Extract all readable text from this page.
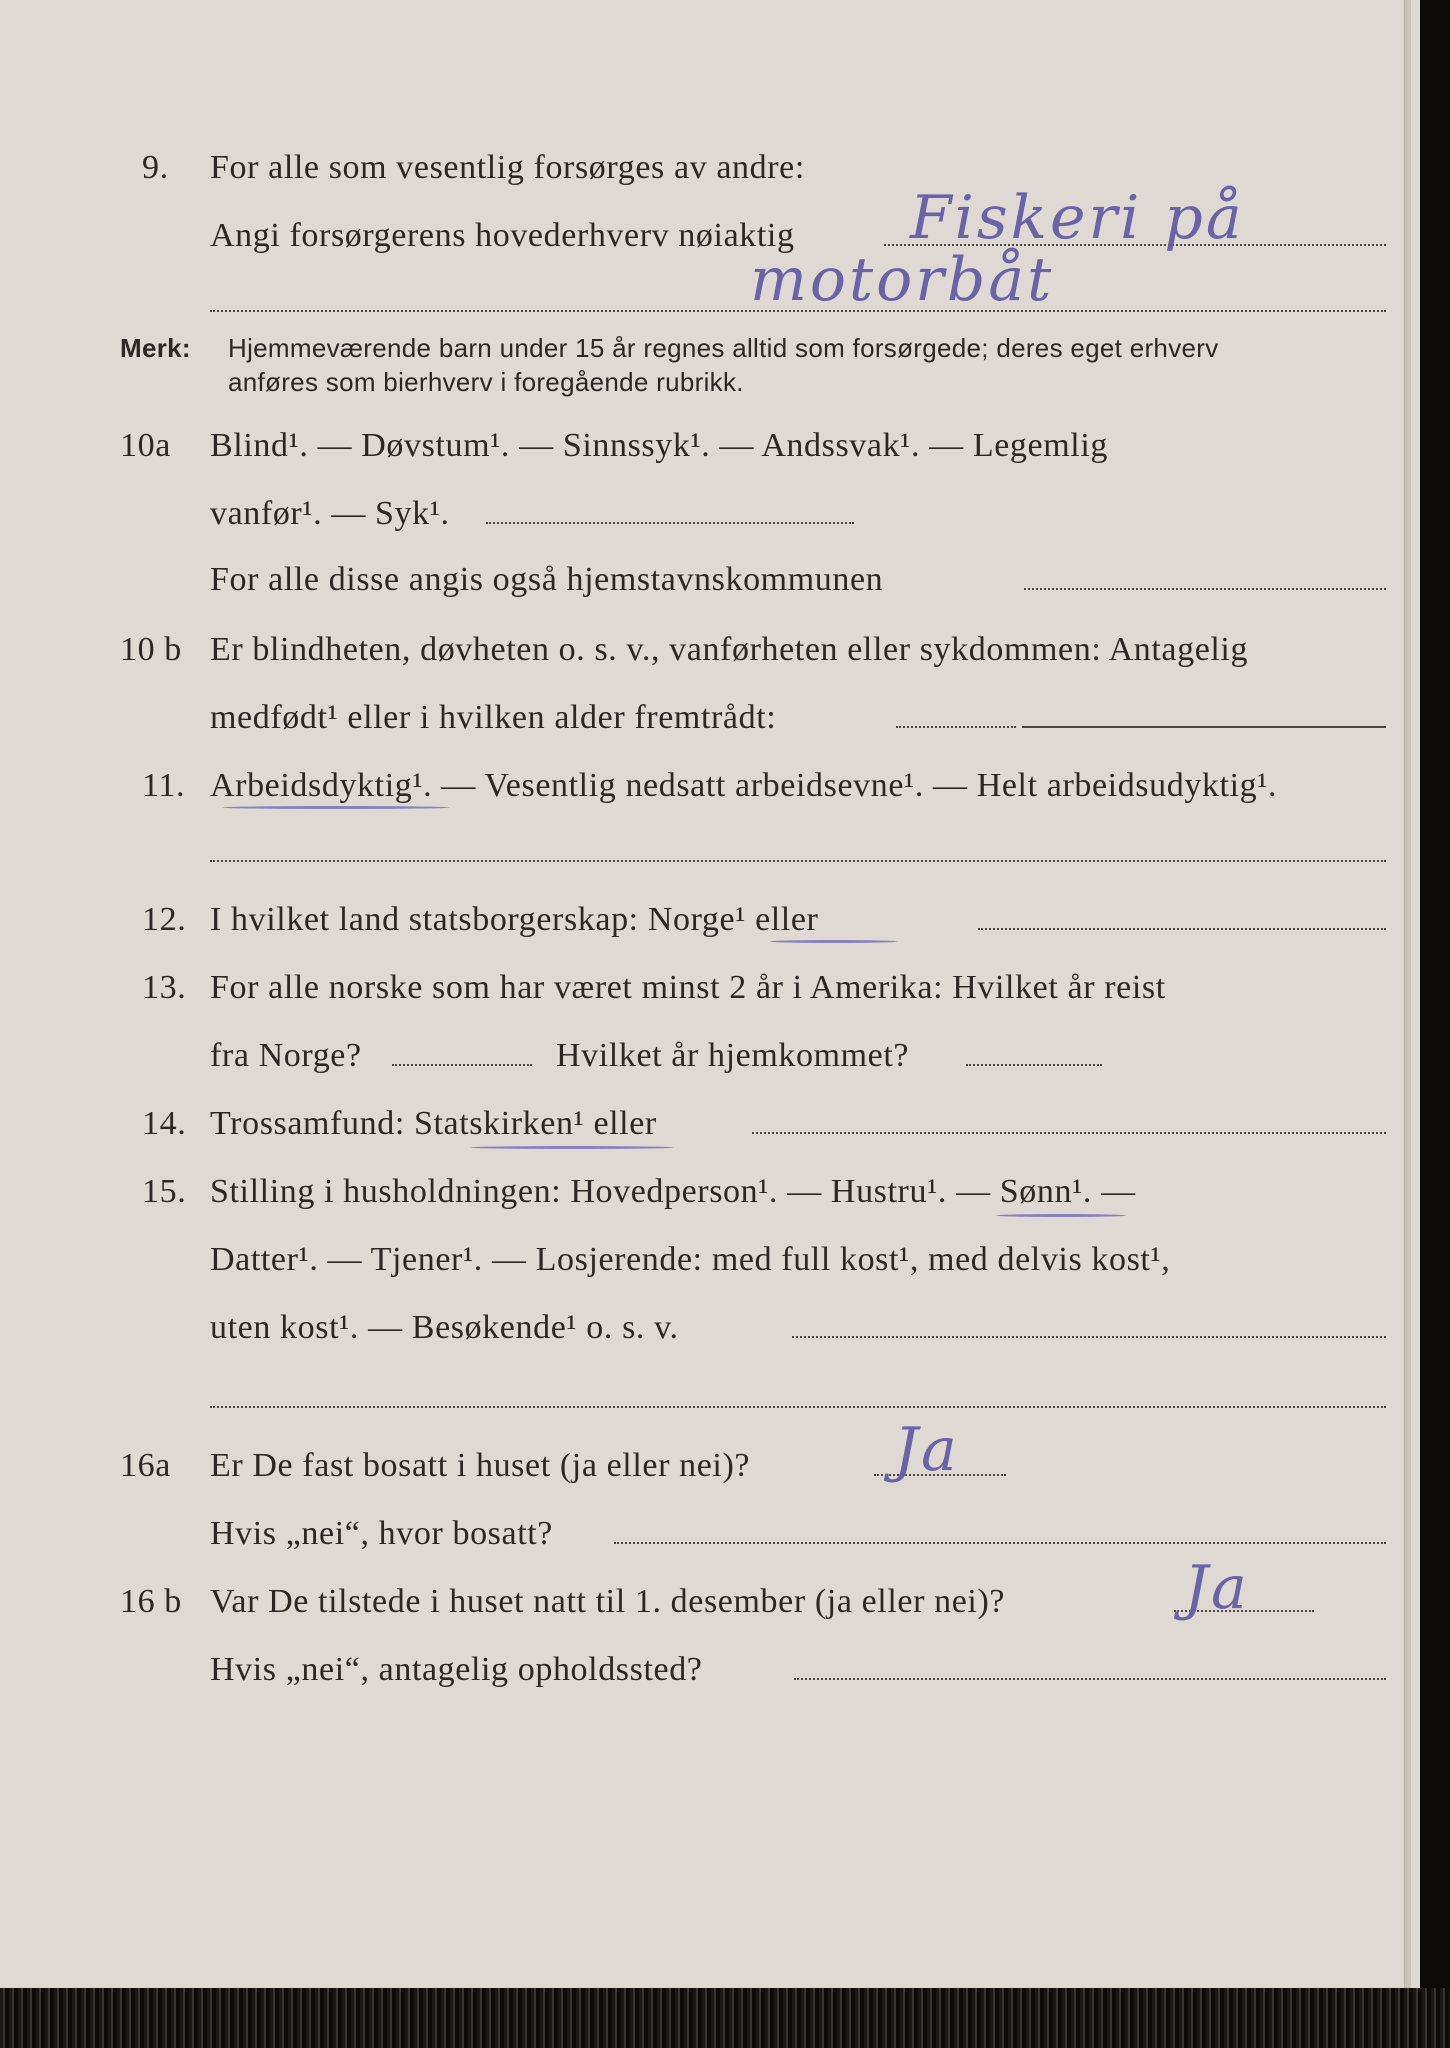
9. For alle som vesentlig forsørges av andre:
Angi forsørgerens hovederhverv nøiaktig Fiskeri på
motorbåt
Merk: Hjemmeværende barn under 15 år regnes alltid som forsørgede; deres eget erhverv
anføres som bierhverv i foregående rubrikk.
10a Blind¹. — Døvstum¹. — Sinnssyk¹. — Andssvak¹. — Legemlig
vanfør¹. — Syk¹.
For alle disse angis også hjemstavnskommunen
10 b Er blindheten, døvheten o. s. v., vanførheten eller sykdommen: Antagelig
medfødt¹ eller i hvilken alder fremtrådt:
11. Arbeidsdyktig¹. — Vesentlig nedsatt arbeidsevne¹. — Helt arbeidsudyktig¹.
12. I hvilket land statsborgerskap: Norge¹ eller
13. For alle norske som har været minst 2 år i Amerika: Hvilket år reist
fra Norge?	Hvilket år hjemkommet?
14. Trossamfund: Statskirken¹ eller
15. Stilling i husholdningen: Hovedperson¹. — Hustru¹. — Sønn¹. —
Datter¹. — Tjener¹. — Losjerende: med full kost¹, med delvis kost¹,
uten kost¹. — Besøkende¹ o. s. v.
16a Er De fast bosatt i huset (ja eller nei)? Ja
Hvis „nei“, hvor bosatt?
16 b Var De tilstede i huset natt til 1. desember (ja eller nei)?	Ja
Hvis „nei“, antagelig opholdssted?
